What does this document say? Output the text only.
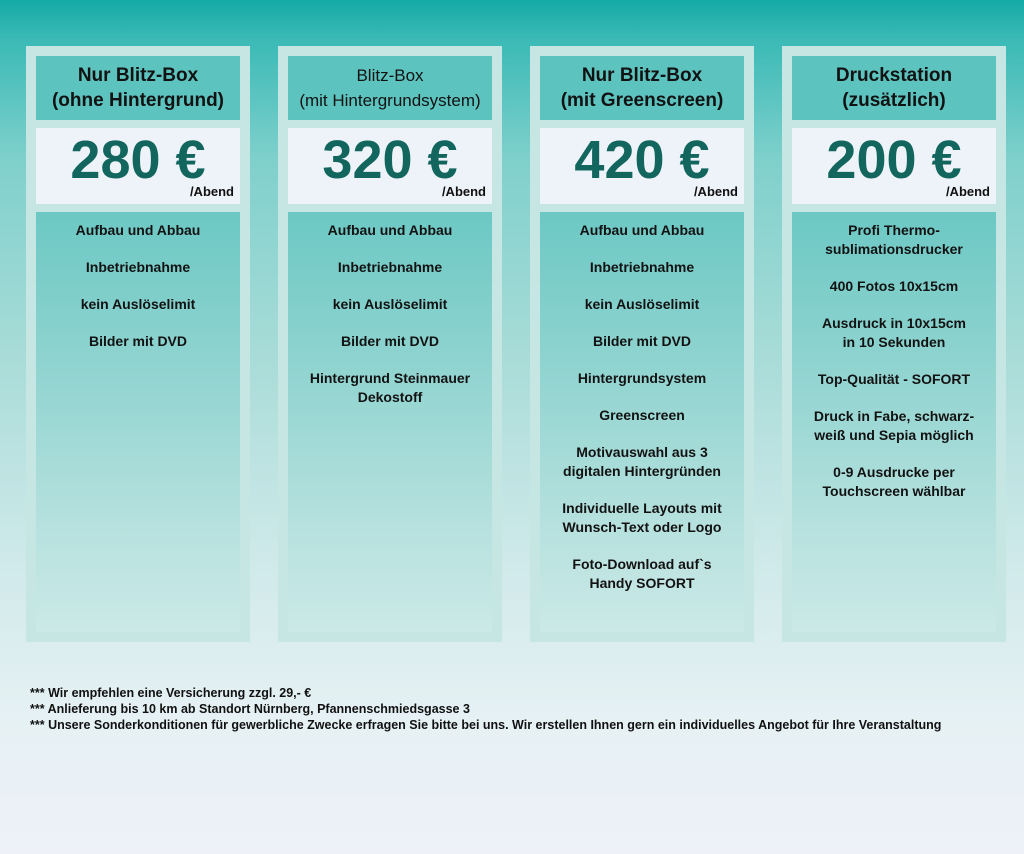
Nur Blitz-Box
(ohne Hintergrund)
280 €
/Abend
Aufbau und Abbau
Inbetriebnahme
kein Auslöselimit
Bilder mit DVD
Blitz-Box
(mit Hintergrundsystem)
320 €
/Abend
Aufbau und Abbau
Inbetriebnahme
kein Auslöselimit
Bilder mit DVD
Hintergrund Steinmauer
Dekostoff
Nur Blitz-Box
(mit Greenscreen)
420 €
/Abend
Aufbau und Abbau
Inbetriebnahme
kein Auslöselimit
Bilder mit DVD
Hintergrundsystem
Greenscreen
Motivauswahl aus 3
digitalen Hintergründen
Individuelle Layouts mit
Wunsch-Text oder Logo
Foto-Download auf`s
Handy SOFORT
Druckstation
(zusätzlich)
200 €
/Abend
Profi Thermo-
sublimationsdrucker
400 Fotos 10x15cm
Ausdruck in 10x15cm
in 10 Sekunden
Top-Qualität - SOFORT
Druck in Fabe, schwarz-
weiß und Sepia möglich
0-9 Ausdrucke per
Touchscreen wählbar
*** Wir empfehlen eine Versicherung zzgl. 29,- €
*** Anlieferung bis 10 km ab Standort Nürnberg, Pfannenschmiedsgasse 3
*** Unsere Sonderkonditionen für gewerbliche Zwecke erfragen Sie bitte bei uns. Wir erstellen Ihnen gern ein individuelles Angebot für Ihre Veranstaltung
